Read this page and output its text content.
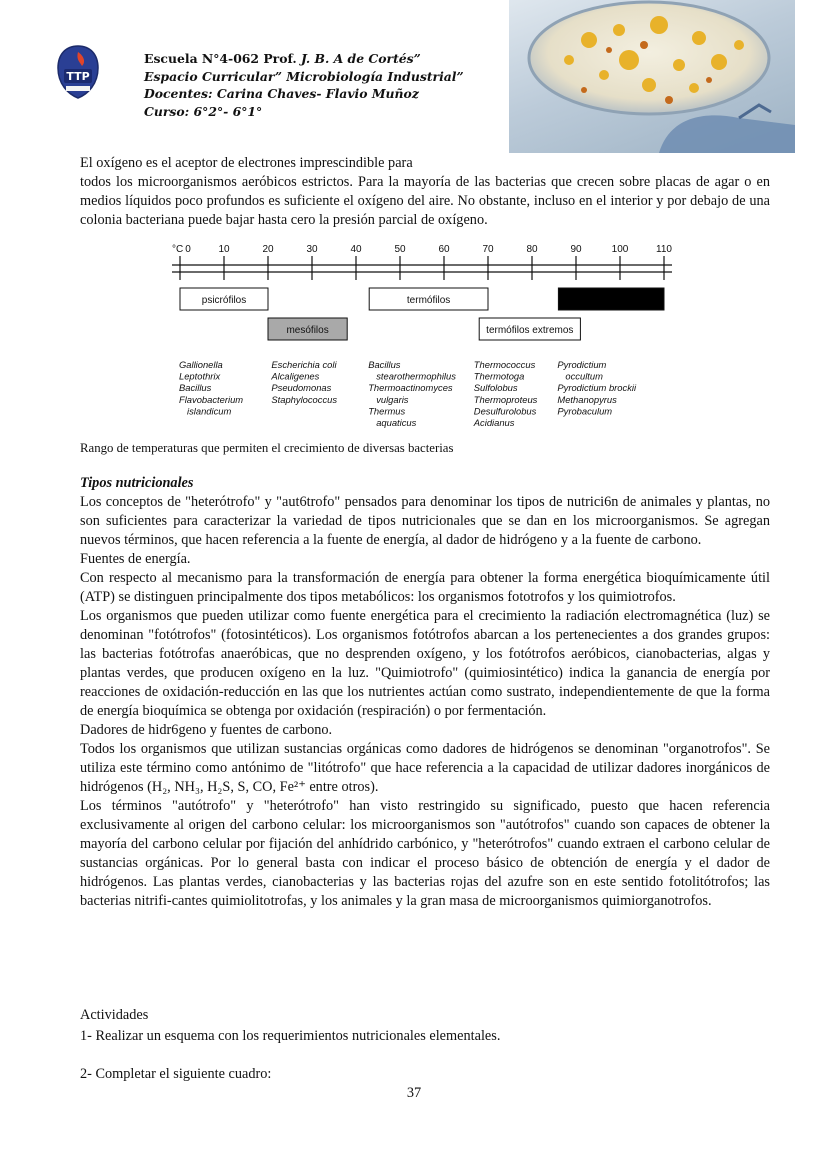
TTP
Escuela N°4-062 Prof. J. B. A de Cortés”
Espacio Curricular” Microbiología Industrial”
Docentes: Carina Chaves- Flavio Muñoz
Curso: 6°2°- 6°1°
El oxígeno es el aceptor de electrones imprescindible para
todos los microorganismos aeróbicos estrictos. Para la mayoría de las bacterias que crecen sobre placas de agar o en medios líquidos poco profundos es suficiente el oxígeno del aire. No obstante, incluso en el interior y por debajo de una colonia bacteriana puede bajar hasta cero la presión parcial de oxígeno.
°C 0	10	20	30	40	50	60	70	80	90	100	110
psicrófilos
mesófilos
termófilos
termófilos extremos
Gallionella
Leptothrix
Bacillus
Flavobacterium
islandicum
Escherichia coli
Alcaligenes
Pseudomonas
Staphylococcus
Bacillus
stearothermophilus
Thermoactinomyces
vulgaris
Thermus
aquaticus
Thermococcus
Thermotoga
Sulfolobus
Thermoproteus
Desulfurolobus
Acidianus
Pyrodictium
occultum
Pyrodictium brockii
Methanopyrus
Pyrobaculum
Rango de temperaturas que permiten el crecimiento de diversas bacterias
Tipos nutricionales

Los conceptos de "heterótrofo" y "aut6trofo" pensados para denominar los tipos de nutrici6n de animales y plantas, no son suficientes para caracterizar la variedad de tipos nutricionales que se dan en los microorganismos. Se agregan nuevos términos, que hacen referencia a la fuente de energía, al dador de hidrógeno y a la fuente de carbono.

Fuentes de energía.

Con respecto al mecanismo para la transformación de energía para obtener la forma energética bioquímicamente útil (ATP) se distinguen principalmente dos tipos metabólicos: los organismos fototrofos y los quimiotrofos.

Los organismos que pueden utilizar como fuente energética para el crecimiento la radiación electromagnética (luz) se denominan "fotótrofos" (fotosintéticos). Los organismos fotótrofos abarcan a los pertenecientes a dos grandes grupos: las bacterias fotótrofas anaeróbicas, que no desprenden oxígeno, y los fotótrofos aeróbicos, cianobacterias, algas y plantas verdes, que producen oxígeno en la luz. "Quimiotrofo" (quimiosintético) indica la ganancia de energía por reacciones de oxidación-reducción en las que los nutrientes actúan como sustrato, independientemente de que la forma de energía bioquímica se obtenga por oxidación (respiración) o por fermentación.

Dadores de hidr6geno y fuentes de carbono.

Todos los organismos que utilizan sustancias orgánicas como dadores de hidrógenos se denominan "organotrofos". Se utiliza este término como antónimo de "litótrofo" que hace referencia a la capacidad de utilizar dadores inorgánicos de hidrógenos (H₂, NH₃, H₂S, S, CO, Fe²⁺ entre otros).

Los términos "autótrofo" y "heterótrofo" han visto restringido su significado, puesto que hacen referencia exclusivamente al origen del carbono celular: los microorganismos son "autótrofos" cuando son capaces de obtener la mayoría del carbono celular por fijación del anhídrido carbónico, y "heterótrofos" cuando extraen el carbono celular de sustancias orgánicas. Por lo general basta con indicar el proceso básico de obtención de energía y el dador de hidrógenos. Las plantas verdes, cianobacterias y las bacterias rojas del azufre son en este sentido fotolitótrofos; las bacterias nitrifi-cantes quimiolitotrofas, y los animales y la gran masa de microorganismos quimiorganotrofos.

Actividades

1- Realizar un esquema con los requerimientos nutricionales elementales.

2- Completar el siguiente cuadro:

37
